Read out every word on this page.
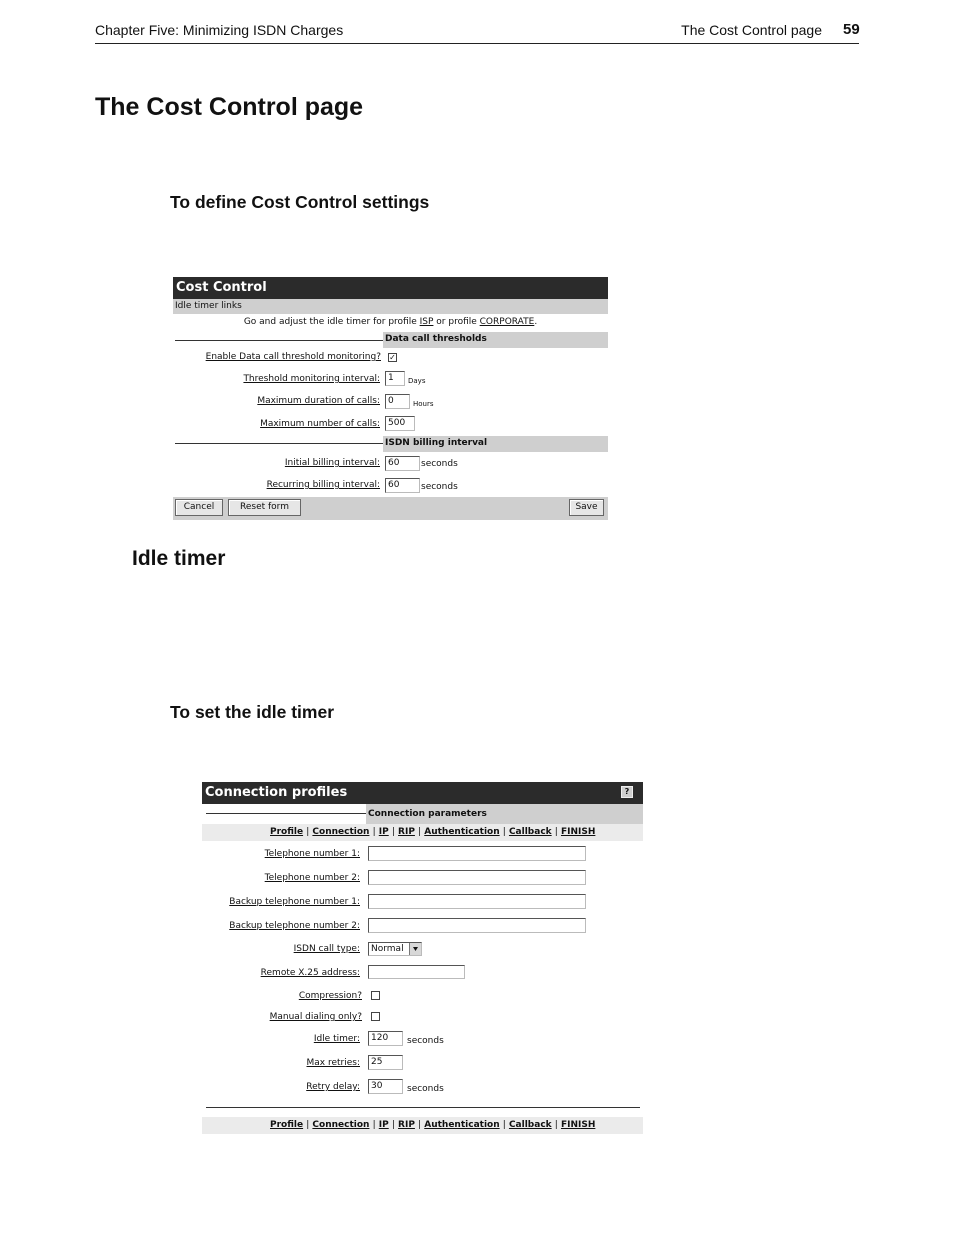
Chapter Five: Minimizing ISDN Charges	The Cost Control page 59
The Cost Control page
To define Cost Control settings
Cost Control
Idle timer links
Go and adjust the idle timer for profile ISP or profile CORPORATE.
Data call thresholds
Enable Data call threshold monitoring? ✓
Threshold monitoring interval: 1	Days
Maximum duration of calls: 0	Hours
Maximum number of calls: 500
ISDN billing interval
Initial billing interval: 60	seconds
Recurring billing interval: 60	seconds
Cancel	Reset form	Save
Idle timer
To set the idle timer
Connection profiles	?
Connection parameters
Profile | Connection | IP | RIP | Authentication | Callback | FINISH
Telephone number 1:
Telephone number 2:
Backup telephone number 1:
Backup telephone number 2:
ISDN call type:	Normal
Remote X.25 address:
Compression?
Manual dialing only?
Idle timer:	120	seconds
Max retries:	25
Retry delay:	30	seconds
Profile | Connection | IP | RIP | Authentication | Callback | FINISH
